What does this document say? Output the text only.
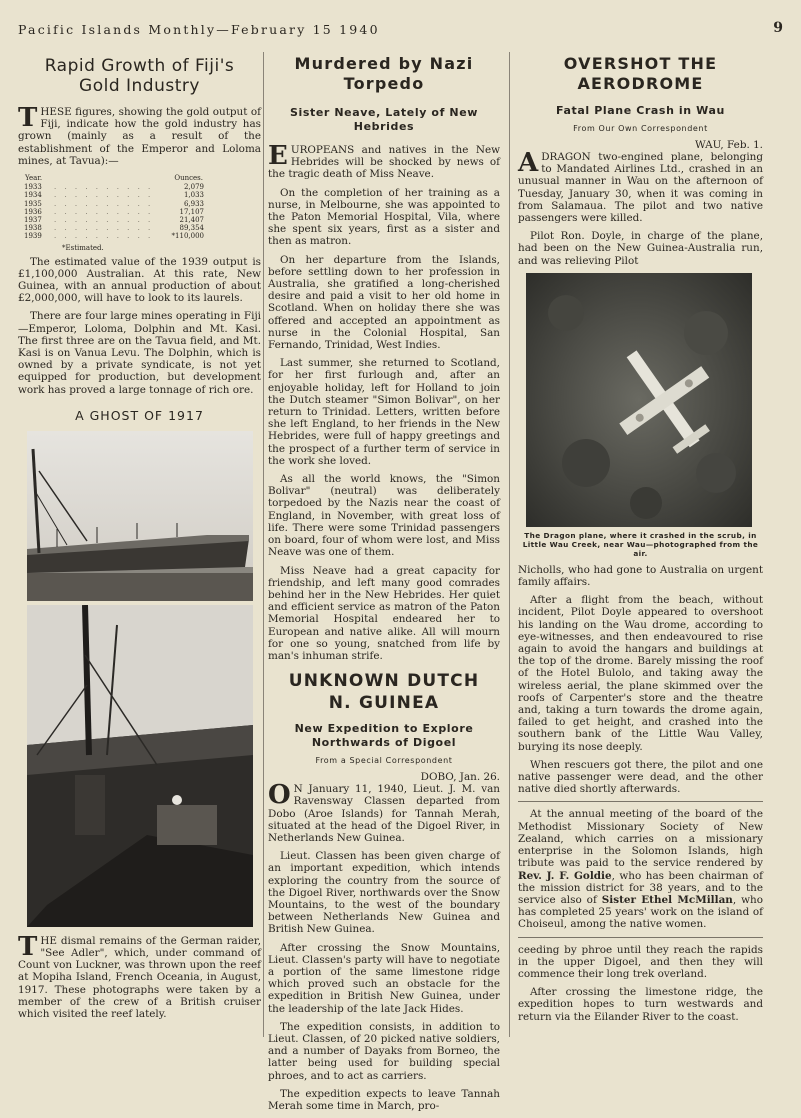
Pacific Islands Monthly—February 15 1940	9
Rapid Growth of Fiji's
Gold Industry

THESE figures, showing the gold output of Fiji, indicate how the gold industry has grown (mainly as a result of the establishment of the Emperor and Loloma mines, at Tavua):—

Year.		Ounces.
1933	. . . . . . . . . .	2,079
1934	. . . . . . . . . .	1,033
1935	. . . . . . . . . .	6,933
1936	. . . . . . . . . .	17,107
1937	. . . . . . . . . .	21,407
1938	. . . . . . . . . .	89,354
1939	. . . . . . . . . .	*110,000
*Estimated.

The estimated value of the 1939 output is £1,100,000 Australian. At this rate, New Guinea, with an annual production of about £2,000,000, will have to look to its laurels.

There are four large mines operating in Fiji—Emperor, Loloma, Dolphin and Mt. Kasi. The first three are on the Tavua field, and Mt. Kasi is on Vanua Levu. The Dolphin, which is owned by a private syndicate, is not yet equipped for production, but development work has proved a large tonnage of rich ore.

A GHOST OF 1917

THE dismal remains of the German raider, "See Adler", which, under command of Count von Luckner, was thrown upon the reef at Mopiha Island, French Oceania, in August, 1917. These photographs were taken by a member of the crew of a British cruiser which visited the reef lately.

Murdered by Nazi
Torpedo
Sister Neave, Lately of New Hebrides

EUROPEANS and natives in the New Hebrides will be shocked by news of the tragic death of Miss Neave.

On the completion of her training as a nurse, in Melbourne, she was appointed to the Paton Memorial Hospital, Vila, where she spent six years, first as a sister and then as matron.

On her departure from the Islands, before settling down to her profession in Australia, she gratified a long-cherished desire and paid a visit to her old home in Scotland. When on holiday there she was offered and accepted an appointment as nurse in the Colonial Hospital, San Fernando, Trinidad, West Indies.

Last summer, she returned to Scotland, for her first furlough and, after an enjoyable holiday, left for Holland to join the Dutch steamer "Simon Bolivar", on her return to Trinidad. Letters, written before she left England, to her friends in the New Hebrides, were full of happy greetings and the prospect of a further term of service in the work she loved.

As all the world knows, the "Simon Bolivar" (neutral) was deliberately torpedoed by the Nazis near the coast of England, in November, with great loss of life. There were some Trinidad passengers on board, four of whom were lost, and Miss Neave was one of them.

Miss Neave had a great capacity for friendship, and left many good comrades behind her in the New Hebrides. Her quiet and efficient service as matron of the Paton Memorial Hospital endeared her to European and native alike. All will mourn for one so young, snatched from life by man's inhuman strife.

UNKNOWN DUTCH
N. GUINEA
New Expedition to Explore
Northwards of Digoel
From a Special Correspondent

DOBO, Jan. 26.

O N January 11, 1940, Lieut. J. M. van Ravensway Classen departed from Dobo (Aroe Islands) for Tannah Merah, situated at the head of the Digoel River, in Netherlands New Guinea.

Lieut. Classen has been given charge of an important expedition, which intends exploring the country from the source of the Digoel River, northwards over the Snow Mountains, to the west of the boundary between Netherlands New Guinea and British New Guinea.

After crossing the Snow Mountains, Lieut. Classen's party will have to negotiate a portion of the same limestone ridge which proved such an obstacle for the expedition in British New Guinea, under the leadership of the late Jack Hides.

The expedition consists, in addition to Lieut. Classen, of 20 picked native soldiers, and a number of Dayaks from Borneo, the latter being used for building special phroes, and to act as carriers.

The expedition expects to leave Tannah Merah some time in March, pro-

OVERSHOT THE
AERODROME
Fatal Plane Crash in Wau
From Our Own Correspondent

WAU, Feb. 1.

ADRAGON two-engined plane, belonging to Mandated Airlines Ltd., crashed in an unusual manner in Wau on the afternoon of Tuesday, January 30, when it was coming in from Salamaua. The pilot and two native passengers were killed.

Pilot Ron. Doyle, in charge of the plane, had been on the New Guinea-Australia run, and was relieving Pilot

The Dragon plane, where it crashed in the scrub, in Little Wau Creek, near Wau—photographed from the air.

Nicholls, who had gone to Australia on urgent family affairs.

After a flight from the beach, without incident, Pilot Doyle appeared to overshoot his landing on the Wau drome, according to eye-witnesses, and then endeavoured to rise again to avoid the hangars and buildings at the top of the drome. Barely missing the roof of the Hotel Bulolo, and taking away the wireless aerial, the plane skimmed over the roofs of Carpenter's store and the theatre and, taking a turn towards the drome again, failed to get height, and crashed into the southern bank of the Little Wau Valley, burying its nose deeply.

When rescuers got there, the pilot and one native passenger were dead, and the other native died shortly afterwards.

At the annual meeting of the board of the Methodist Missionary Society of New Zealand, which carries on a missionary enterprise in the Solomon Islands, high tribute was paid to the service rendered by Rev. J. F. Goldie, who has been chairman of the mission district for 38 years, and to the service also of Sister Ethel McMillan, who has completed 25 years' work on the island of Choiseul, among the native women.

ceeding by phroe until they reach the rapids in the upper Digoel, and then they will commence their long trek overland.

After crossing the limestone ridge, the expedition hopes to turn westwards and return via the Eilander River to the coast.
